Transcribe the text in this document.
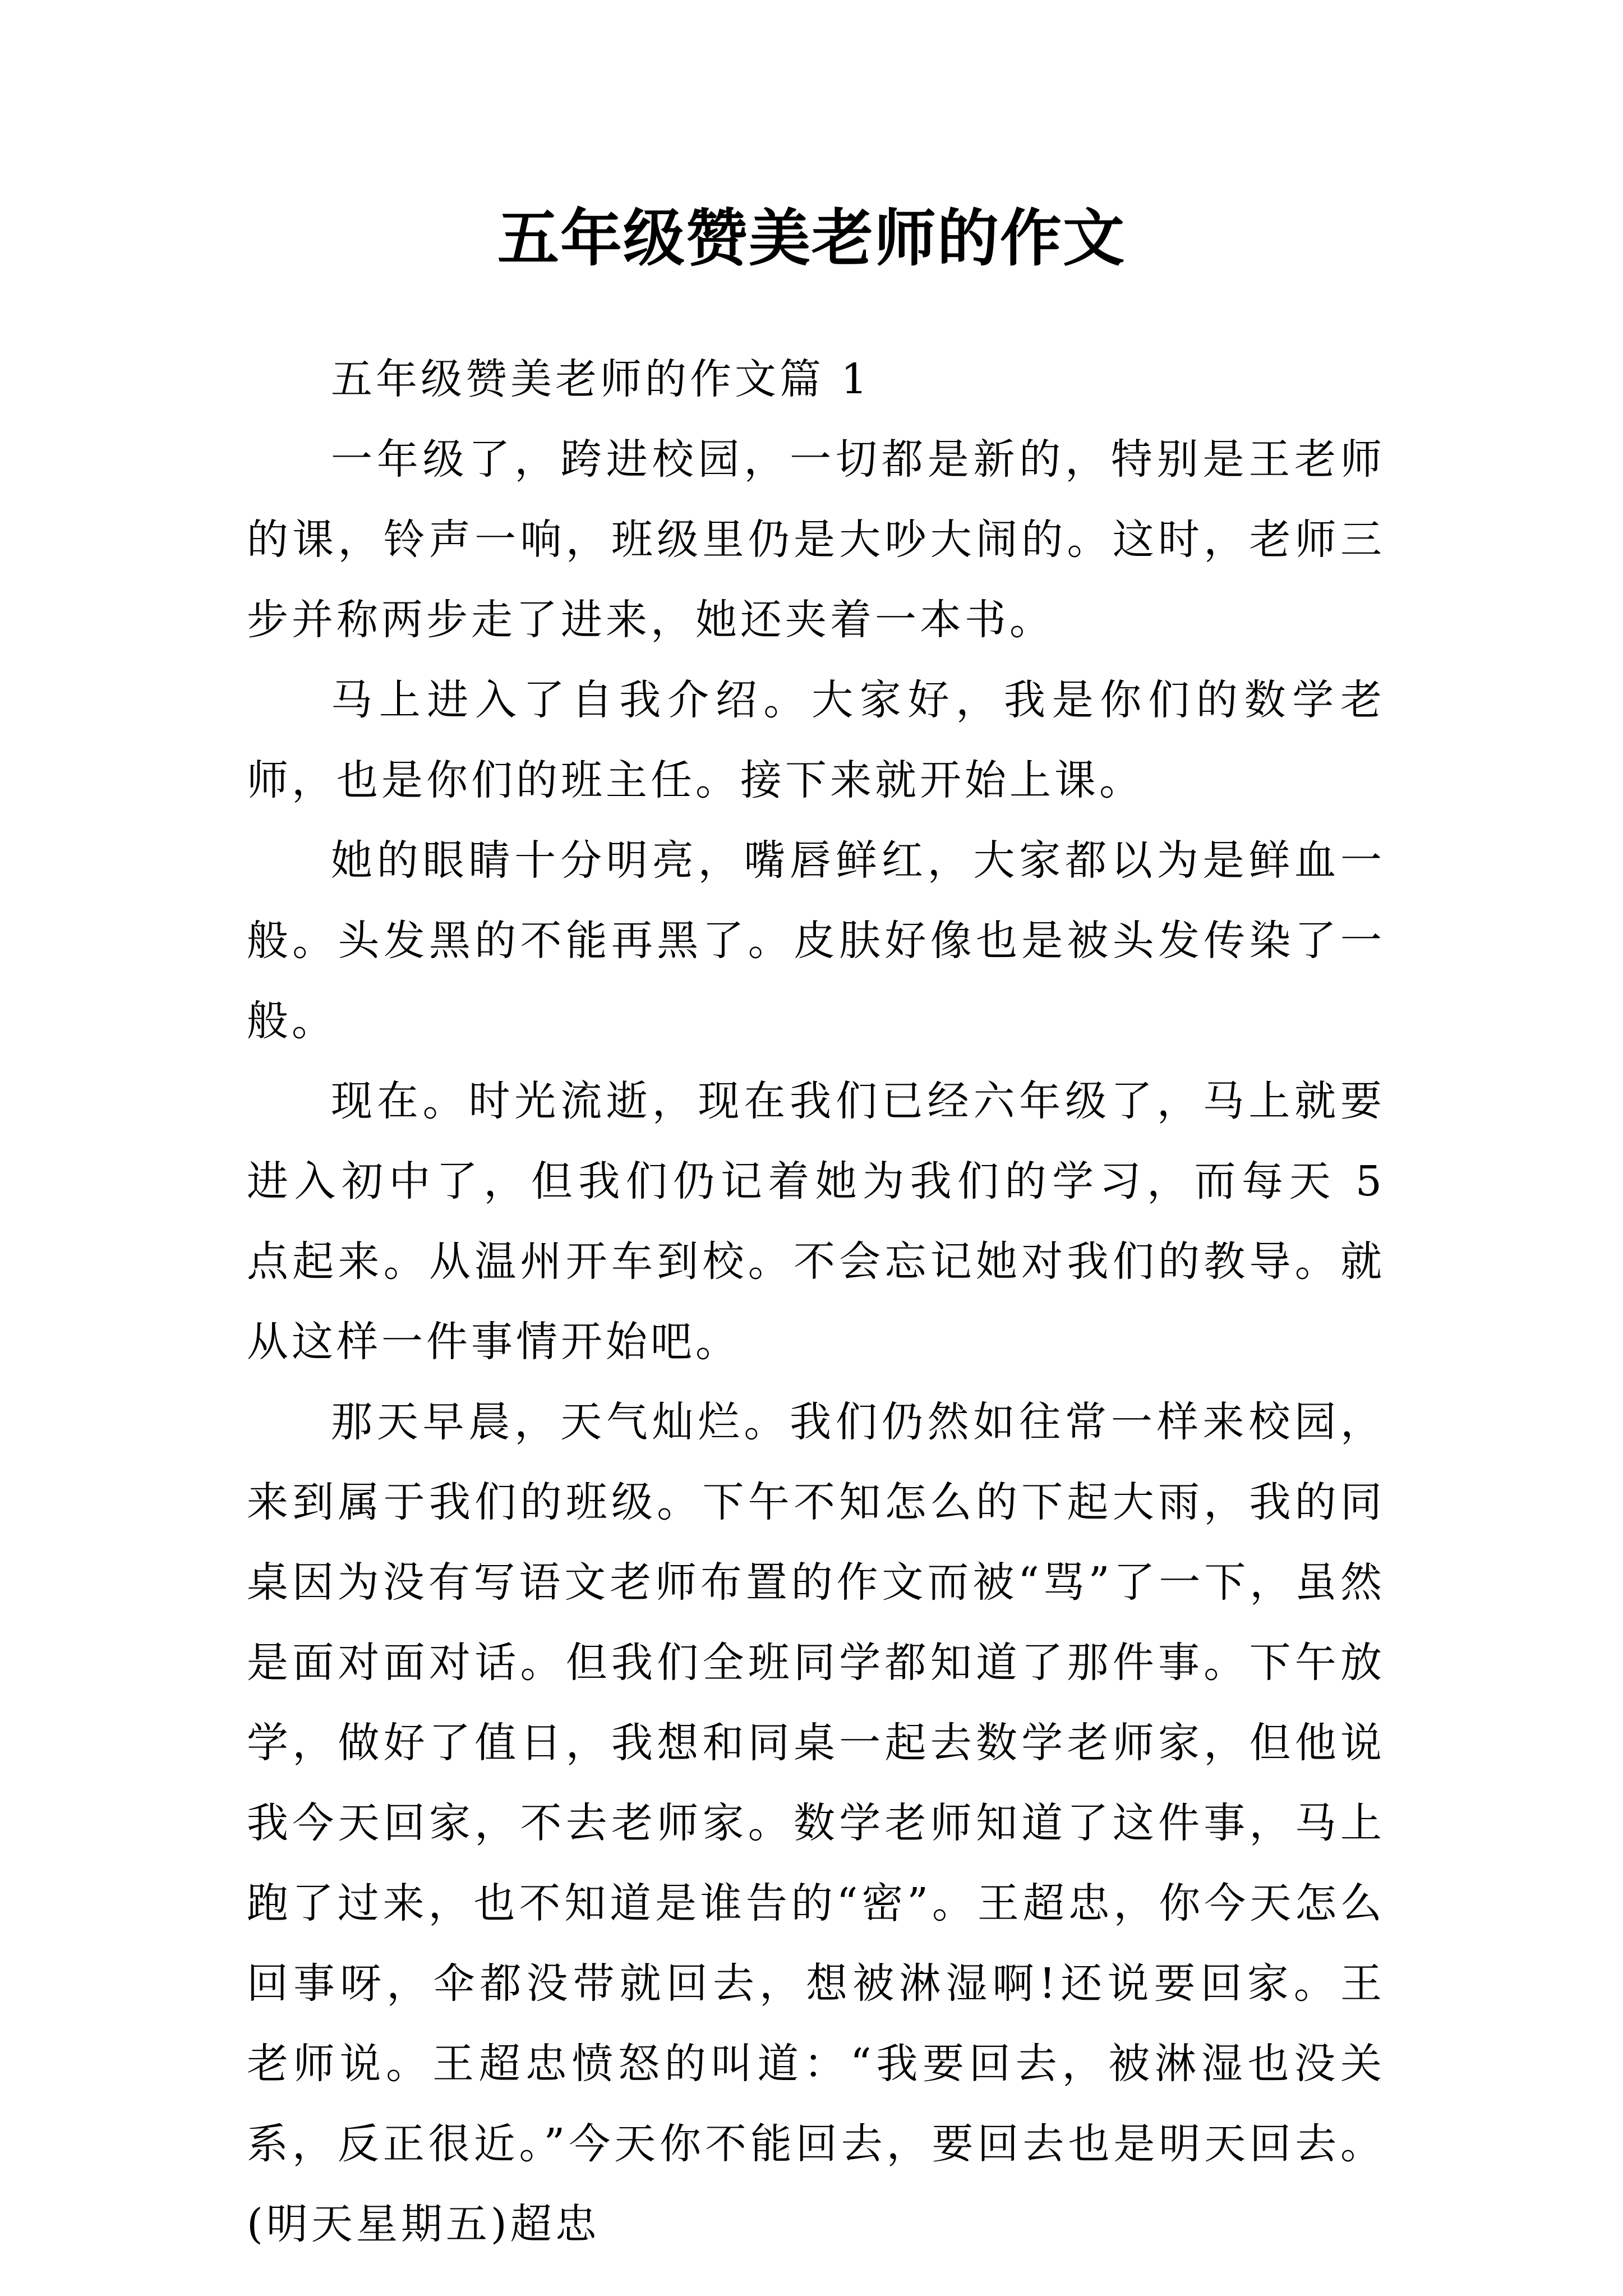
五年级赞美老师的作文

五年级赞美老师的作文篇 1

一年级了，跨进校园，一切都是新的，特别是王老师的课，铃声一响，班级里仍是大吵大闹的。这时，老师三步并称两步走了进来，她还夹着一本书。

马上进入了自我介绍。大家好，我是你们的数学老师，也是你们的班主任。接下来就开始上课。

她的眼睛十分明亮，嘴唇鲜红，大家都以为是鲜血一般。头发黑的不能再黑了。皮肤好像也是被头发传染了一般。

现在。时光流逝，现在我们已经六年级了，马上就要进入初中了，但我们仍记着她为我们的学习，而每天 5 点起来。从温州开车到校。不会忘记她对我们的教导。就从这样一件事情开始吧。

那天早晨，天气灿烂。我们仍然如往常一样来校园，来到属于我们的班级。下午不知怎么的下起大雨，我的同桌因为没有写语文老师布置的作文而被“骂”了一下，虽然是面对面对话。但我们全班同学都知道了那件事。下午放学，做好了值日，我想和同桌一起去数学老师家，但他说我今天回家，不去老师家。数学老师知道了这件事，马上跑了过来，也不知道是谁告的“密”。王超忠，你今天怎么回事呀，伞都没带就回去，想被淋湿啊!还说要回家。王老师说。王超忠愤怒的叫道：“我要回去，被淋湿也没关系，反正很近。”今天你不能回去，要回去也是明天回去。(明天星期五)超忠
